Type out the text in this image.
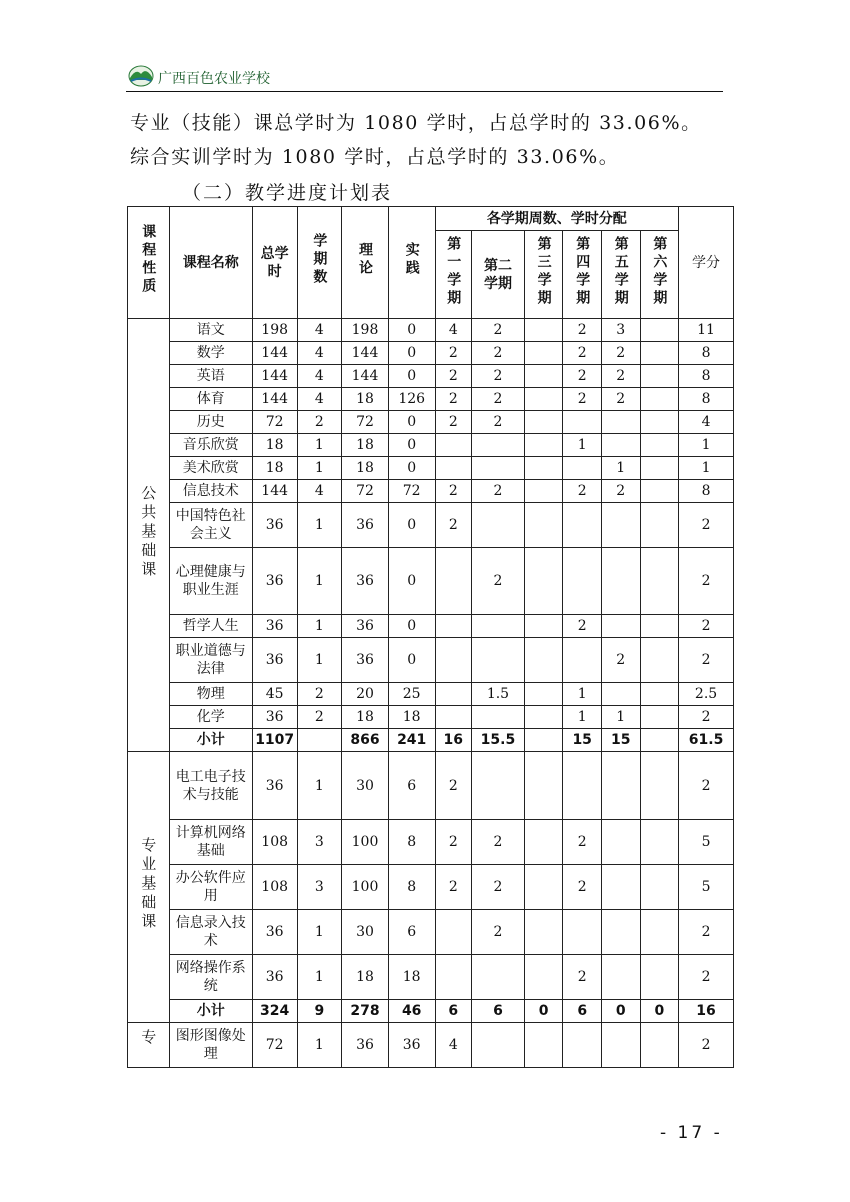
广西百色农业学校
专业（技能）课总学时为 1080 学时，占总学时的 33.06%。
综合实训学时为 1080 学时，占总学时的 33.06%。
（二）教学进度计划表
课程性质	课程名称	总学时	学期数	理论	实践	各学期周数、学时分配						学分
						第一学期	第二学期	第三学期	第四学期	第五学期	第六学期	
公共基础课	语文	198	4	198	0	4	2		2	3		11
	数学	144	4	144	0	2	2		2	2		8
	英语	144	4	144	0	2	2		2	2		8
	体育	144	4	18	126	2	2		2	2		8
	历史	72	2	72	0	2	2					4
	音乐欣赏	18	1	18	0				1			1
	美术欣赏	18	1	18	0					1		1
	信息技术	144	4	72	72	2	2		2	2		8
	中国特色社会主义	36	1	36	0	2						2
	心理健康与职业生涯	36	1	36	0		2					2
	哲学人生	36	1	36	0				2			2
	职业道德与法律	36	1	36	0					2		2
	物理	45	2	20	25		1.5		1			2.5
	化学	36	2	18	18				1	1		2
	小计	1107		866	241	16	15.5		15	15		61.5
专业基础课	电工电子技术与技能	36	1	30	6	2						2
	计算机网络基础	108	3	100	8	2	2		2			5
	办公软件应用	108	3	100	8	2	2		2			5
	信息录入技术	36	1	30	6		2					2
	网络操作系统	36	1	18	18				2			2
	小计	324	9	278	46	6	6	0	6	0	0	16
专	图形图像处理	72	1	36	36	4						2
- 17 -
